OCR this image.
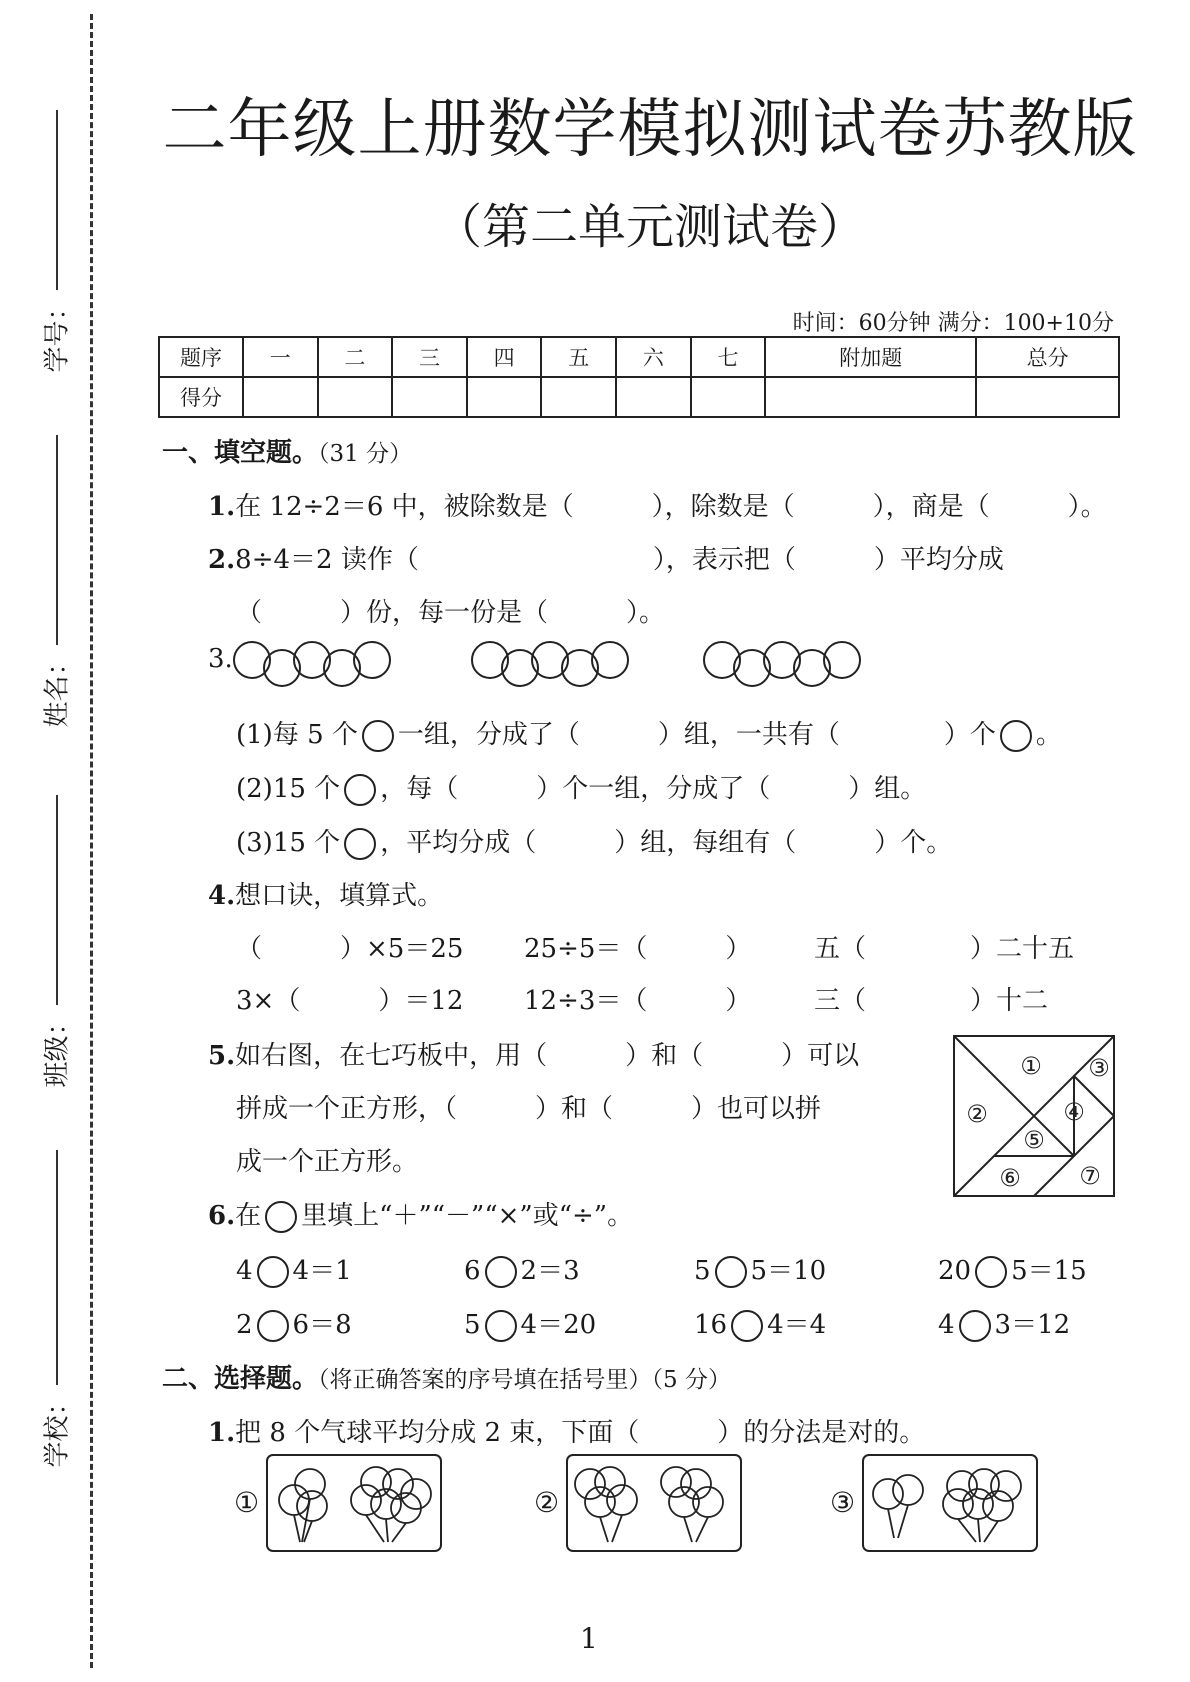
学号：
姓名：
班级：
学校：
二年级上册数学模拟测试卷苏教版
（第二单元测试卷）
时间：60分钟 满分：100+10分
题序	一	二	三	四	五	六	七	附加题	总分
得分									
一、填空题。（31 分）
1.在 12÷2＝6 中，被除数是（　　　），除数是（　　　），商是（　　　）。
2.8÷4＝2 读作（　　　　　　　　　），表示把（　　　）平均分成
（　　　）份，每一份是（　　　）。
3.
(1)每 5 个 一组，分成了（　　　）组，一共有（　　　　）个 。
(2)15 个 ，每（　　　）个一组，分成了（　　　）组。
(3)15 个 ，平均分成（　　　）组，每组有（　　　）个。
4.想口诀，填算式。
（　　　）×5＝25 25÷5＝（　　　） 五（　　　　）二十五
3×（　　　）＝12 12÷3＝（　　　） 三（　　　　）十二
5.如右图，在七巧板中，用（　　　）和（　　　）可以
拼成一个正方形，（　　　）和（　　　）也可以拼
成一个正方形。
①
②
③
④
⑤
⑥ ⑦
6.在 里填上“＋”“－”“×”或“÷”。
4 4＝1	6 2＝3	5 5＝10	20 5＝15
2 6＝8	5 4＝20	16 4＝4	4 3＝12
二、选择题。（将正确答案的序号填在括号里）（5 分）
1.把 8 个气球平均分成 2 束，下面（　　　）的分法是对的。
①	②	③
1
